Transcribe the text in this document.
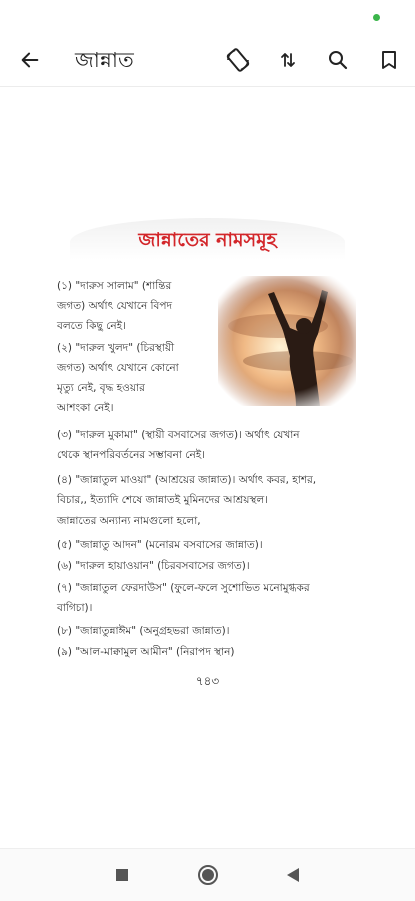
জান্নাত
জান্নাতের নামসমূহ
(১) "দারুস সালাম" (শান্তির
জগত) অর্থাৎ যেখানে বিপদ
বলতে কিছু নেই।
(২) "দারুল খুলদ" (চিরস্থায়ী
জগত) অর্থাৎ যেখানে কোনো
মৃত্যু নেই, বৃদ্ধ হওয়ার
আশংকা নেই।
(৩) "দারুল মুকামা" (স্থায়ী বসবাসের জগত)। অর্থাৎ যেখান
থেকে স্থানপরিবর্তনের সম্ভাবনা নেই।
(৪) "জান্নাতুল মাওয়া" (আশ্রয়ের জান্নাত)। অর্থাৎ কবর, হাশর,
বিচার,, ইত্যাদি শেষে জান্নাতই মুমিনদের আশ্রয়স্থল।
জান্নাতের অন্যান্য নামগুলো হলো,
(৫) "জান্নাতু আদন" (মনোরম বসবাসের জান্নাত)।
(৬) "দারুল হায়াওয়ান" (চিরবসবাসের জগত)।
(৭) "জান্নাতুল ফেরদাউস" (ফুলে-ফলে সুশোভিত মনোমুগ্ধকর
বাগিচা)।
(৮) "জান্নাতুন্নাঈম" (অনুগ্রহভরা জান্নাত)।
(৯) "আল-মাক্বামুল আমীন" (নিরাপদ স্থান)
৭৪৩
